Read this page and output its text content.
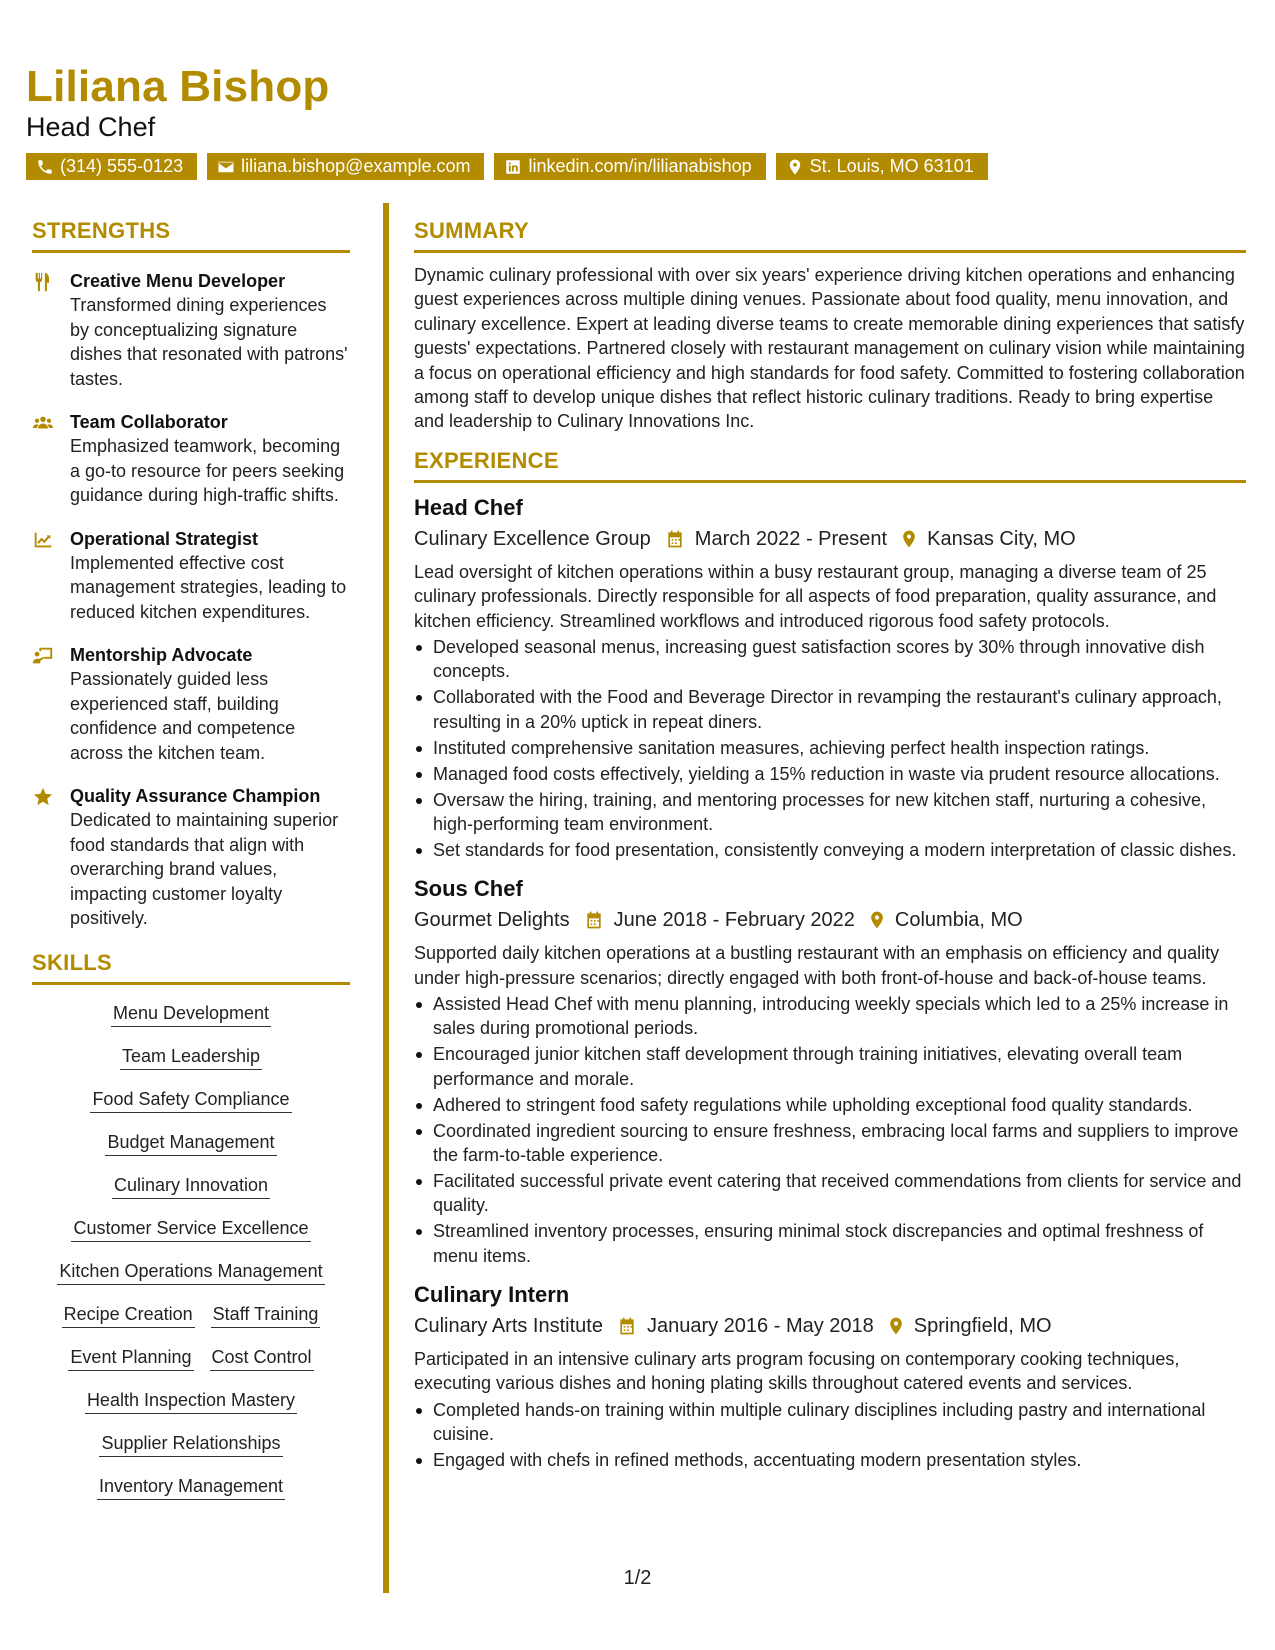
Liliana Bishop
Head Chef
(314) 555-0123	liliana.bishop@example.com	linkedin.com/in/lilianabishop	St. Louis, MO 63101
STRENGTHS
Creative Menu Developer
Transformed dining experiences by conceptualizing signature dishes that resonated with patrons' tastes.
Team Collaborator
Emphasized teamwork, becoming a go-to resource for peers seeking guidance during high-traffic shifts.
Operational Strategist
Implemented effective cost management strategies, leading to reduced kitchen expenditures.
Mentorship Advocate
Passionately guided less experienced staff, building confidence and competence across the kitchen team.
Quality Assurance Champion
Dedicated to maintaining superior food standards that align with overarching brand values, impacting customer loyalty positively.
SKILLS
Menu Development
Team Leadership
Food Safety Compliance
Budget Management
Culinary Innovation
Customer Service Excellence
Kitchen Operations Management
Recipe Creation Staff Training
Event Planning Cost Control
Health Inspection Mastery
Supplier Relationships
Inventory Management
SUMMARY
Dynamic culinary professional with over six years' experience driving kitchen operations and enhancing guest experiences across multiple dining venues. Passionate about food quality, menu innovation, and culinary excellence. Expert at leading diverse teams to create memorable dining experiences that satisfy guests' expectations. Partnered closely with restaurant management on culinary vision while maintaining a focus on operational efficiency and high standards for food safety. Committed to fostering collaboration among staff to develop unique dishes that reflect historic culinary traditions. Ready to bring expertise and leadership to Culinary Innovations Inc.
EXPERIENCE
Head Chef
Culinary Excellence Group March 2022 - Present Kansas City, MO
Lead oversight of kitchen operations within a busy restaurant group, managing a diverse team of 25 culinary professionals. Directly responsible for all aspects of food preparation, quality assurance, and kitchen efficiency. Streamlined workflows and introduced rigorous food safety protocols.
Developed seasonal menus, increasing guest satisfaction scores by 30% through innovative dish concepts.
Collaborated with the Food and Beverage Director in revamping the restaurant's culinary approach, resulting in a 20% uptick in repeat diners.
Instituted comprehensive sanitation measures, achieving perfect health inspection ratings.
Managed food costs effectively, yielding a 15% reduction in waste via prudent resource allocations.
Oversaw the hiring, training, and mentoring processes for new kitchen staff, nurturing a cohesive, high-performing team environment.
Set standards for food presentation, consistently conveying a modern interpretation of classic dishes.
Sous Chef
Gourmet Delights June 2018 - February 2022 Columbia, MO
Supported daily kitchen operations at a bustling restaurant with an emphasis on efficiency and quality under high-pressure scenarios; directly engaged with both front-of-house and back-of-house teams.
Assisted Head Chef with menu planning, introducing weekly specials which led to a 25% increase in sales during promotional periods.
Encouraged junior kitchen staff development through training initiatives, elevating overall team performance and morale.
Adhered to stringent food safety regulations while upholding exceptional food quality standards.
Coordinated ingredient sourcing to ensure freshness, embracing local farms and suppliers to improve the farm-to-table experience.
Facilitated successful private event catering that received commendations from clients for service and quality.
Streamlined inventory processes, ensuring minimal stock discrepancies and optimal freshness of menu items.
Culinary Intern
Culinary Arts Institute January 2016 - May 2018 Springfield, MO
Participated in an intensive culinary arts program focusing on contemporary cooking techniques, executing various dishes and honing plating skills throughout catered events and services.
Completed hands-on training within multiple culinary disciplines including pastry and international cuisine.
Engaged with chefs in refined methods, accentuating modern presentation styles.
1/2
